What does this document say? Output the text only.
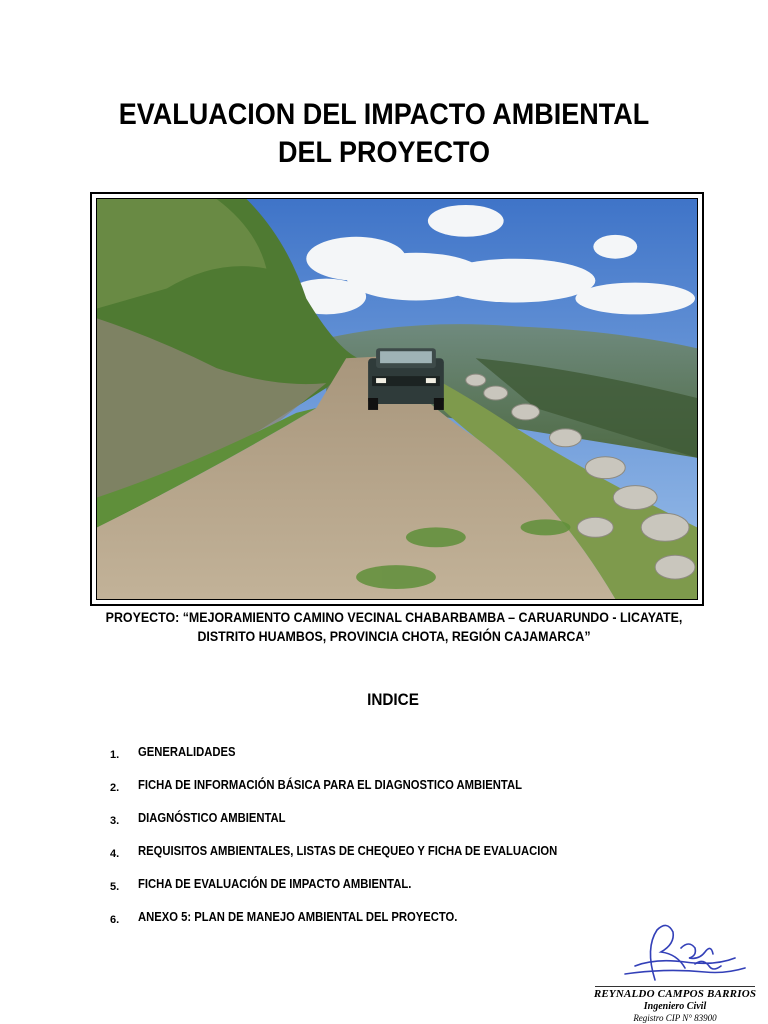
EVALUACION DEL IMPACTO AMBIENTAL
DEL PROYECTO
PROYECTO: “MEJORAMIENTO CAMINO VECINAL CHABARBAMBA – CARUARUNDO - LICAYATE,
DISTRITO HUAMBOS, PROVINCIA CHOTA, REGIÓN CAJAMARCA”
INDICE
1. GENERALIDADES
2. FICHA DE INFORMACIÓN BÁSICA PARA EL DIAGNOSTICO AMBIENTAL
3. DIAGNÓSTICO AMBIENTAL
4. REQUISITOS AMBIENTALES, LISTAS DE CHEQUEO Y FICHA DE EVALUACION
5. FICHA DE EVALUACIÓN DE IMPACTO AMBIENTAL.
6. ANEXO 5: PLAN DE MANEJO AMBIENTAL DEL PROYECTO.
REYNALDO CAMPOS BARRIOS
Ingeniero Civil
Registro CIP N° 83900
